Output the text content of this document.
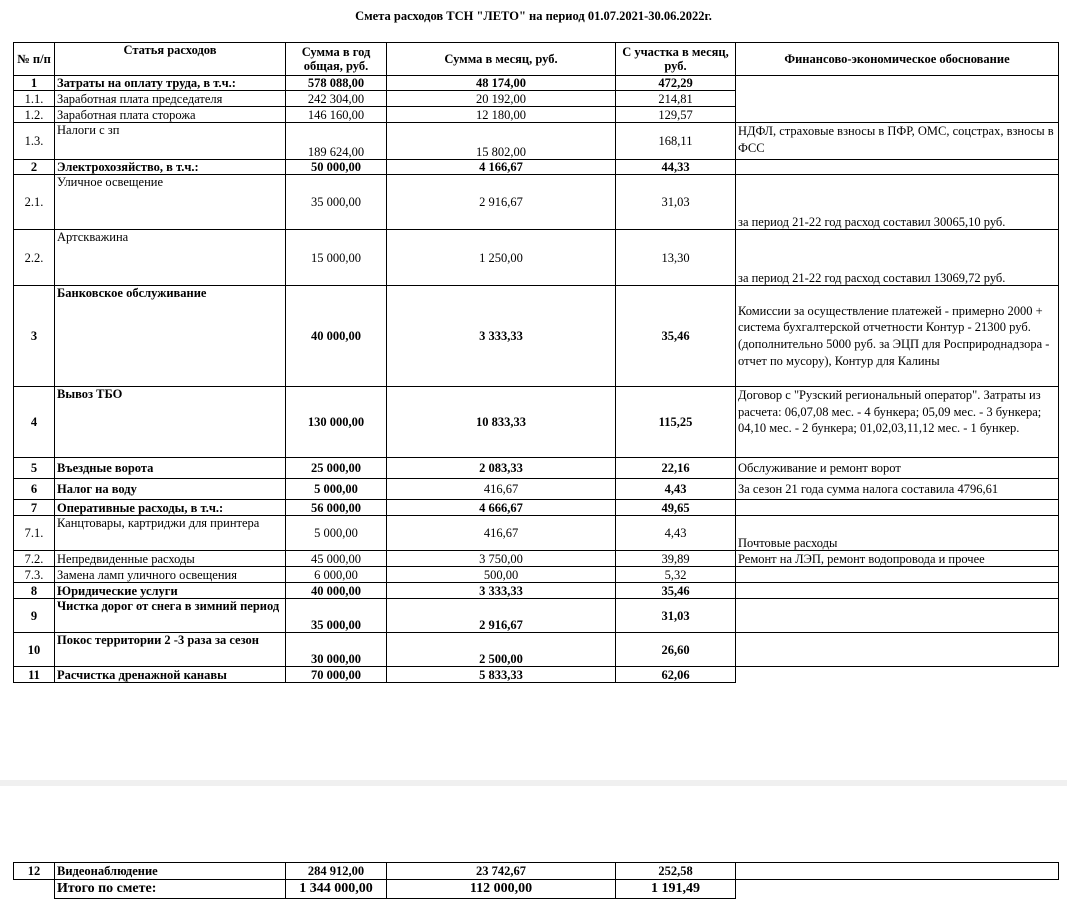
Смета расходов ТСН "ЛЕТО" на период 01.07.2021-30.06.2022г.
№ п/п	Статья расходов	Сумма в год общая, руб.	Сумма в месяц, руб.	С участка в месяц, руб.	Финансово-экономическое обоснование
1	Затраты на оплату труда, в т.ч.:	578 088,00	48 174,00	472,29	
1.1.	Заработная плата председателя	242 304,00	20 192,00	214,81	
1.2.	Заработная плата сторожа	146 160,00	12 180,00	129,57	
1.3.	Налоги с зп	189 624,00	15 802,00	168,11	НДФЛ, страховые взносы в ПФР, ОМС, соцстрах, взносы в ФСС
2	Электрохозяйство, в т.ч.:	50 000,00	4 166,67	44,33	
2.1.	Уличное освещение	35 000,00	2 916,67	31,03	за период 21-22 год расход составил 30065,10 руб.
2.2.	Артскважина	15 000,00	1 250,00	13,30	за период 21-22 год расход составил 13069,72 руб.
3	Банковское обслуживание	40 000,00	3 333,33	35,46	Комиссии за осуществление платежей - примерно 2000 + система бухгалтерской отчетности Контур - 21300 руб. (дополнительно 5000 руб. за ЭЦП для Росприроднадзора - отчет по мусору), Контур для Калины
4	Вывоз ТБО	130 000,00	10 833,33	115,25	Договор с "Рузский региональный оператор". Затраты из расчета: 06,07,08 мес. - 4 бункера; 05,09 мес. - 3 бункера; 04,10 мес. - 2 бункера; 01,02,03,11,12 мес. - 1 бункер.
5	Въездные ворота	25 000,00	2 083,33	22,16	Обслуживание и ремонт ворот
6	Налог на воду	5 000,00	416,67	4,43	За сезон 21 года сумма налога составила 4796,61
7	Оперативные расходы, в т.ч.:	56 000,00	4 666,67	49,65	
7.1.	Канцтовары, картриджи для принтера	5 000,00	416,67	4,43	Почтовые расходы
7.2.	Непредвиденные расходы	45 000,00	3 750,00	39,89	Ремонт на ЛЭП, ремонт водопровода и прочее
7.3.	Замена ламп уличного освещения	6 000,00	500,00	5,32	
8	Юридические услуги	40 000,00	3 333,33	35,46	
9	Чистка дорог от снега в зимний период	35 000,00	2 916,67	31,03	
10	Покос территории 2 -3 раза за сезон	30 000,00	2 500,00	26,60	
11	Расчистка дренажной канавы	70 000,00	5 833,33	62,06	
12	Видеонаблюдение	284 912,00	23 742,67	252,58	
	Итого по смете:	1 344 000,00	112 000,00	1 191,49	
